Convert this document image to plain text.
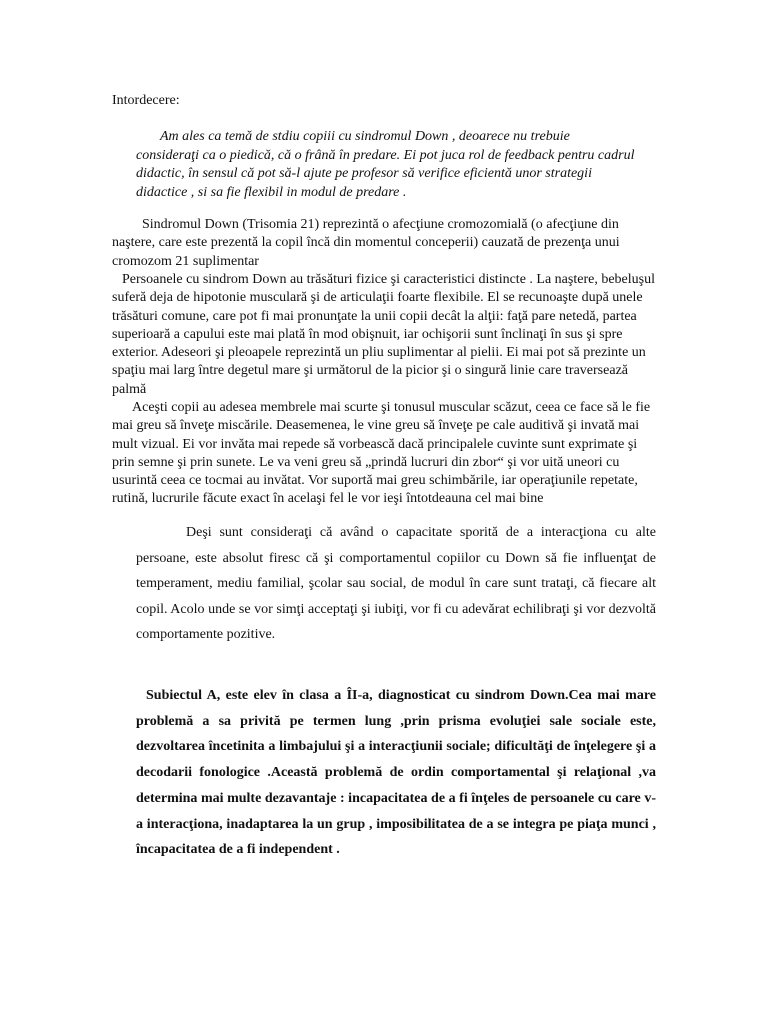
Intordecere:

Am ales ca temă de stdiu copiii cu sindromul Down , deoarece nu trebuie consideraţi ca o piedică, că o frână în predare. Ei pot juca rol de feedback pentru cadrul didactic, în sensul că pot să-l ajute pe profesor să verifice eficientă unor strategii didactice , si sa fie flexibil in modul de predare .

Sindromul Down (Trisomia 21) reprezintă o afecţiune cromozomială (o afecţiune din naştere, care este prezentă la copil încă din momentul conceperii) cauzată de prezenţa unui cromozom 21 suplimentar

Persoanele cu sindrom Down au trăsături fizice şi caracteristici distincte . La naştere, bebeluşul suferă deja de hipotonie musculară şi de articulaţii foarte flexibile. El se recunoaşte după unele trăsături comune, care pot fi mai pronunţate la unii copii decât la alţii: faţă pare netedă, partea superioară a capului este mai plată în mod obişnuit, iar ochişorii sunt înclinaţi în sus şi spre exterior. Adeseori şi pleoapele reprezintă un pliu suplimentar al pielii. Ei mai pot să prezinte un spaţiu mai larg între degetul mare şi următorul de la picior şi o singură linie care traversează palmă

Aceşti copii au adesea membrele mai scurte şi tonusul muscular scăzut, ceea ce face să le fie mai greu să înveţe miscările. Deasemenea, le vine greu să înveţe pe cale auditivă şi invată mai mult vizual. Ei vor invăta mai repede să vorbească dacă principalele cuvinte sunt exprimate şi prin semne şi prin sunete. Le va veni greu să „prindă lucruri din zbor“ şi vor uită uneori cu usurintă ceea ce tocmai au invătat. Vor suportă mai greu schimbările, iar operaţiunile repetate, rutină, lucrurile făcute exact în acelaşi fel le vor ieşi întotdeauna cel mai bine

Deşi sunt consideraţi că având o capacitate sporită de a interacţiona cu alte persoane, este absolut firesc că şi comportamentul copiilor cu Down să fie influenţat de temperament, mediu familial, şcolar sau social, de modul în care sunt trataţi, că fiecare alt copil. Acolo unde se vor simţi acceptaţi şi iubiţi, vor fi cu adevărat echilibraţi şi vor dezvoltă comportamente pozitive.

Subiectul A, este elev în clasa a ÎI-a, diagnosticat cu sindrom Down.Cea mai mare problemă a sa privită pe termen lung ,prin prisma evoluţiei sale sociale este, dezvoltarea încetinita a limbajului şi a interacţiunii sociale; dificultăţi de înţelegere şi a decodarii fonologice .Această problemă de ordin comportamental şi relaţional ,va determina mai multe dezavantaje : incapacitatea de a fi înţeles de persoanele cu care v-a interacţiona, inadaptarea la un grup , imposibilitatea de a se integra pe piaţa munci , încapacitatea de a fi independent .
